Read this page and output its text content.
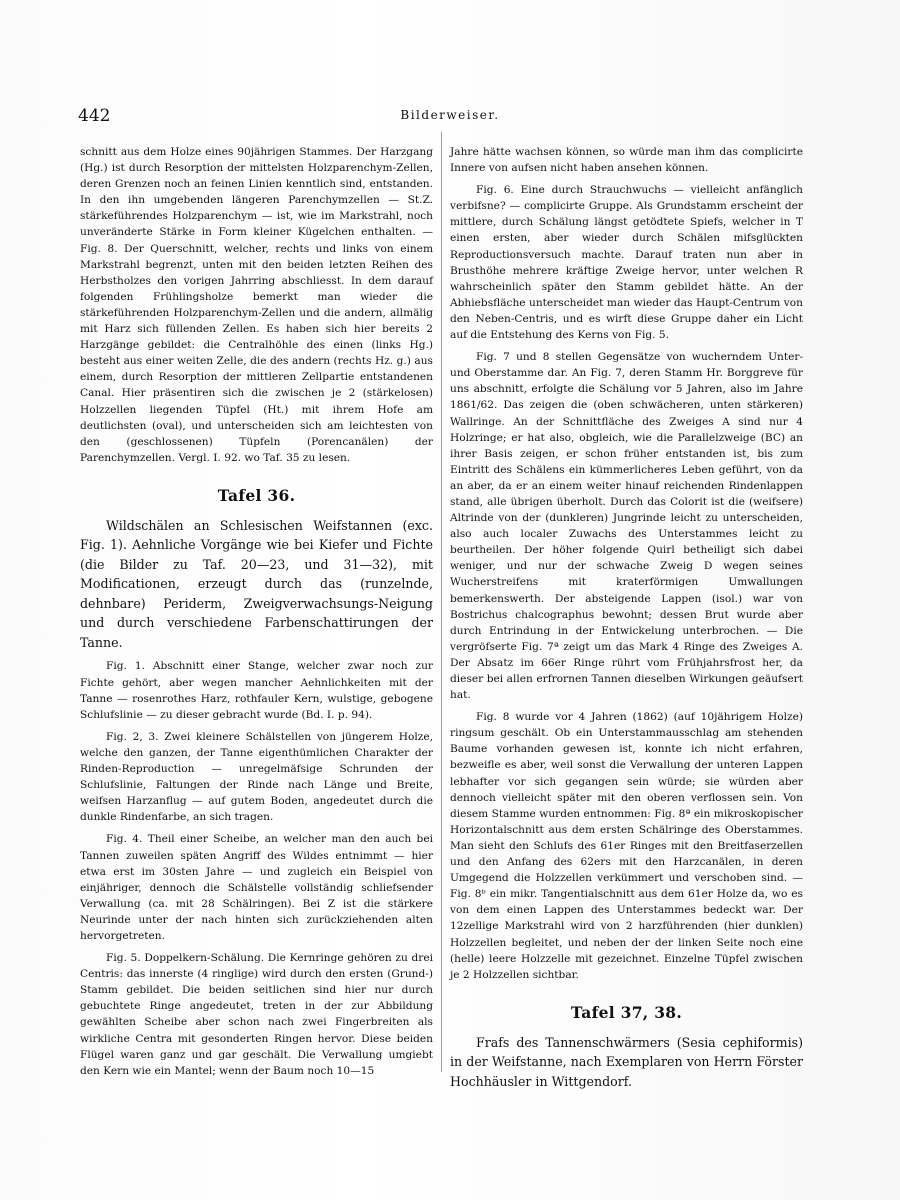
442	Bilderweiser.

schnitt aus dem Holze eines 90jährigen Stammes. Der Harzgang (Hg.) ist durch Resorption der mittelsten Holzparenchym-Zellen, deren Grenzen noch an feinen Linien kenntlich sind, entstanden. In den ihn umgebenden längeren Parenchymzellen — St.Z. stärkeführendes Holzparenchym — ist, wie im Markstrahl, noch unveränderte Stärke in Form kleiner Kügelchen enthalten. — Fig. 8. Der Querschnitt, welcher, rechts und links von einem Markstrahl begrenzt, unten mit den beiden letzten Reihen des Herbstholzes den vorigen Jahrring abschliesst. In dem darauf folgenden Frühlingsholze bemerkt man wieder die stärkeführenden Holzparenchym-Zellen und die andern, allmälig mit Harz sich füllenden Zellen. Es haben sich hier bereits 2 Harzgänge gebildet: die Centralhöhle des einen (links Hg.) besteht aus einer weiten Zelle, die des andern (rechts Hz. g.) aus einem, durch Resorption der mittleren Zellpartie entstandenen Canal. Hier präsentiren sich die zwischen je 2 (stärkelosen) Holzzellen liegenden Tüpfel (Ht.) mit ihrem Hofe am deutlichsten (oval), und unterscheiden sich am leichtesten von den (geschlossenen) Tüpfeln (Porencanälen) der Parenchymzellen. Vergl. I. 92. wo Taf. 35 zu lesen.

Tafel 36.

Wildschälen an Schlesischen Weifstannen (exc. Fig. 1). Aehnliche Vorgänge wie bei Kiefer und Fichte (die Bilder zu Taf. 20—23, und 31—32), mit Modificationen, erzeugt durch das (runzelnde, dehnbare) Periderm, Zweigverwachsungs-Neigung und durch verschiedene Farbenschattirungen der Tanne.

Fig. 1. Abschnitt einer Stange, welcher zwar noch zur Fichte gehört, aber wegen mancher Aehnlichkeiten mit der Tanne — rosenrothes Harz, rothfauler Kern, wulstige, gebogene Schlufslinie — zu dieser gebracht wurde (Bd. I. p. 94).

Fig. 2, 3. Zwei kleinere Schälstellen von jüngerem Holze, welche den ganzen, der Tanne eigenthümlichen Charakter der Rinden-Reproduction — unregelmäfsige Schrunden der Schlufslinie, Faltungen der Rinde nach Länge und Breite, weifsen Harzanflug — auf gutem Boden, angedeutet durch die dunkle Rindenfarbe, an sich tragen.

Fig. 4. Theil einer Scheibe, an welcher man den auch bei Tannen zuweilen späten Angriff des Wildes entnimmt — hier etwa erst im 30sten Jahre — und zugleich ein Beispiel von einjähriger, dennoch die Schälstelle vollständig schliefsender Verwallung (ca. mit 28 Schälringen). Bei Z ist die stärkere Neurinde unter der nach hinten sich zurückziehenden alten hervorgetreten.

Fig. 5. Doppelkern-Schälung. Die Kernringe gehören zu drei Centris: das innerste (4 ringlige) wird durch den ersten (Grund-) Stamm gebildet. Die beiden seitlichen sind hier nur durch gebuchtete Ringe angedeutet, treten in der zur Abbildung gewählten Scheibe aber schon nach zwei Fingerbreiten als wirkliche Centra mit gesonderten Ringen hervor. Diese beiden Flügel waren ganz und gar geschält. Die Verwallung umgiebt den Kern wie ein Mantel; wenn der Baum noch 10—15

Jahre hätte wachsen können, so würde man ihm das complicirte Innere von aufsen nicht haben ansehen können.

Fig. 6. Eine durch Strauchwuchs — vielleicht anfänglich verbifsne? — complicirte Gruppe. Als Grundstamm erscheint der mittlere, durch Schälung längst getödtete Spiefs, welcher in T einen ersten, aber wieder durch Schälen mifsglückten Reproductionsversuch machte. Darauf traten nun aber in Brusthöhe mehrere kräftige Zweige hervor, unter welchen R wahrscheinlich später den Stamm gebildet hätte. An der Abhiebsfläche unterscheidet man wieder das Haupt-Centrum von den Neben-Centris, und es wirft diese Gruppe daher ein Licht auf die Entstehung des Kerns von Fig. 5.

Fig. 7 und 8 stellen Gegensätze von wucherndem Unter- und Oberstamme dar. An Fig. 7, deren Stamm Hr. Borggreve für uns abschnitt, erfolgte die Schälung vor 5 Jahren, also im Jahre 1861/62. Das zeigen die (oben schwächeren, unten stärkeren) Wallringe. An der Schnittfläche des Zweiges A sind nur 4 Holzringe; er hat also, obgleich, wie die Parallelzweige (BC) an ihrer Basis zeigen, er schon früher entstanden ist, bis zum Eintritt des Schälens ein kümmerlicheres Leben geführt, von da an aber, da er an einem weiter hinauf reichenden Rindenlappen stand, alle übrigen überholt. Durch das Colorit ist die (weifsere) Altrinde von der (dunkleren) Jungrinde leicht zu unterscheiden, also auch localer Zuwachs des Unterstammes leicht zu beurtheilen. Der höher folgende Quirl betheiligt sich dabei weniger, und nur der schwache Zweig D wegen seines Wucherstreifens mit kraterförmigen Umwallungen bemerkenswerth. Der absteigende Lappen (isol.) war von Bostrichus chalcographus bewohnt; dessen Brut wurde aber durch Entrindung in der Entwickelung unterbrochen. — Die vergröfserte Fig. 7ª zeigt um das Mark 4 Ringe des Zweiges A. Der Absatz im 66er Ringe rührt vom Frühjahrsfrost her, da dieser bei allen erfrornen Tannen dieselben Wirkungen geäufsert hat.

Fig. 8 wurde vor 4 Jahren (1862) (auf 10jährigem Holze) ringsum geschält. Ob ein Unterstammausschlag am stehenden Baume vorhanden gewesen ist, konnte ich nicht erfahren, bezweifle es aber, weil sonst die Verwallung der unteren Lappen lebhafter vor sich gegangen sein würde; sie würden aber dennoch vielleicht später mit den oberen verflossen sein. Von diesem Stamme wurden entnommen: Fig. 8ª ein mikroskopischer Horizontalschnitt aus dem ersten Schälringe des Oberstammes. Man sieht den Schlufs des 61er Ringes mit den Breitfaserzellen und den Anfang des 62ers mit den Harzcanälen, in deren Umgegend die Holzzellen verkümmert und verschoben sind. — Fig. 8ᵇ ein mikr. Tangentialschnitt aus dem 61er Holze da, wo es von dem einen Lappen des Unterstammes bedeckt war. Der 12zellige Markstrahl wird von 2 harzführenden (hier dunklen) Holzzellen begleitet, und neben der der linken Seite noch eine (helle) leere Holzzelle mit gezeichnet. Einzelne Tüpfel zwischen je 2 Holzzellen sichtbar.

Tafel 37, 38.

Frafs des Tannenschwärmers (Sesia cephiformis) in der Weifstanne, nach Exemplaren von Herrn Förster Hochhäusler in Wittgendorf.
